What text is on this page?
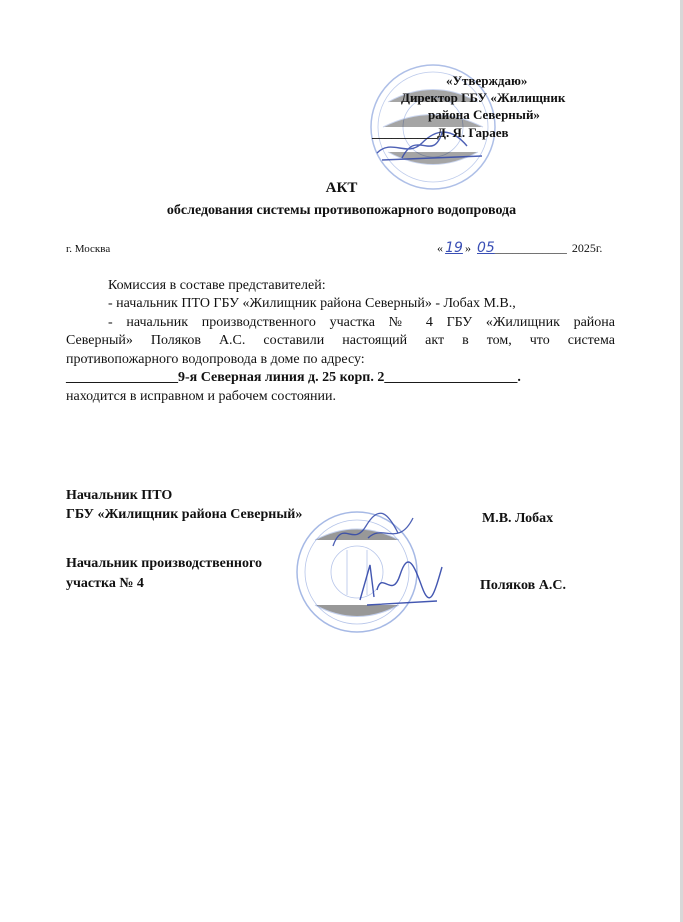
«Утверждаю»
Директор ГБУ «Жилищник
района Северный»
__________Д. Я. Гараев
АКТ
обследования системы противопожарного водопровода
г. Москва	« 19 » 05____________ 2025г.
Комиссия в составе представителей:
- начальник ПТО ГБУ «Жилищник района Северный» - Лобах М.В.,
- начальник производственного участка № 4 ГБУ «Жилищник района
Северный» Поляков А.С. составили настоящий акт в том, что система
противопожарного водопровода в доме по адресу:
________________9-я Северная линия д. 25 корп. 2___________________.
находится в исправном и рабочем состоянии.
Начальник ПТО
ГБУ «Жилищник района Северный»	М.В. Лобах
Начальник производственного
участка № 4	Поляков А.С.
